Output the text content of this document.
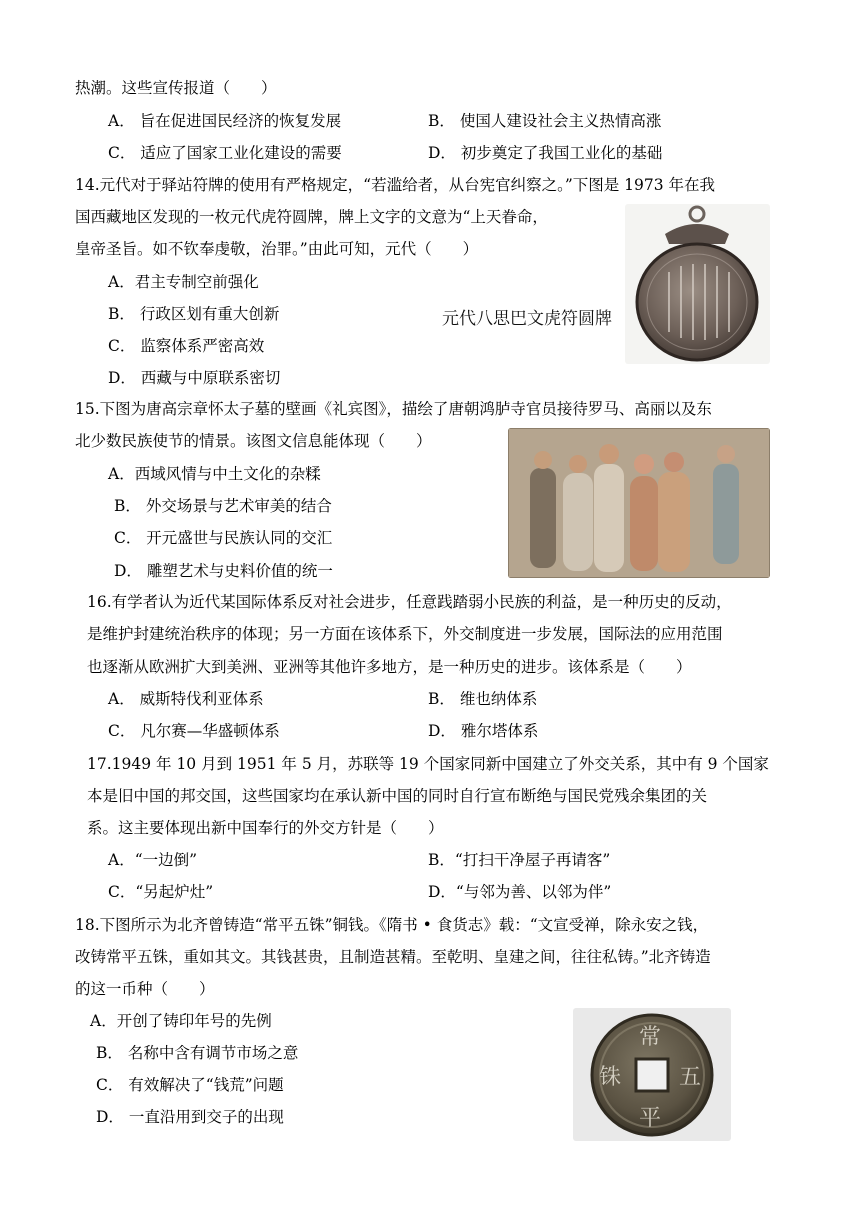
热潮。这些宣传报道（　　）
A． 旨在促进国民经济的恢复发展	B． 使国人建设社会主义热情高涨
C． 适应了国家工业化建设的需要	D． 初步奠定了我国工业化的基础
14.元代对于驿站符牌的使用有严格规定，“若滥给者，从台宪官纠察之。”下图是 1973 年在我
国西藏地区发现的一枚元代虎符圆牌，牌上文字的文意为“上天眷命，
皇帝圣旨。如不钦奉虔敬，治罪。”由此可知，元代（　　）
A．君主专制空前强化
B． 行政区划有重大创新
C． 监察体系严密高效
D． 西藏与中原联系密切
元代八思巴文虎符圆牌
15.下图为唐高宗章怀太子墓的壁画《礼宾图》，描绘了唐朝鸿胪寺官员接待罗马、高丽以及东
北少数民族使节的情景。该图文信息能体现（　　）
A．西域风情与中土文化的杂糅
B． 外交场景与艺术审美的结合
C． 开元盛世与民族认同的交汇
D． 雕塑艺术与史料价值的统一
16.有学者认为近代某国际体系反对社会进步，任意践踏弱小民族的利益，是一种历史的反动，
是维护封建统治秩序的体现；另一方面在该体系下，外交制度进一步发展，国际法的应用范围
也逐渐从欧洲扩大到美洲、亚洲等其他许多地方，是一种历史的进步。该体系是（　　）
A． 威斯特伐利亚体系	B． 维也纳体系
C． 凡尔赛—华盛顿体系	D． 雅尔塔体系
17.1949 年 10 月到 1951 年 5 月，苏联等 19 个国家同新中国建立了外交关系，其中有 9 个国家
本是旧中国的邦交国，这些国家均在承认新中国的同时自行宣布断绝与国民党残余集团的关
系。这主要体现出新中国奉行的外交方针是（　　）
A．“一边倒”	B．“打扫干净屋子再请客”
C．“另起炉灶”	D．“与邻为善、以邻为伴”
18.下图所示为北齐曾铸造“常平五铢”铜钱。《隋书 • 食货志》载：“文宣受禅，除永安之钱，
改铸常平五铢，重如其文。其钱甚贵，且制造甚精。至乾明、皇建之间，往往私铸。”北齐铸造
的这一币种（　　）
A．开创了铸印年号的先例
B． 名称中含有调节市场之意
C． 有效解决了“钱荒”问题
D． 一直沿用到交子的出现
常
平
五
铢
